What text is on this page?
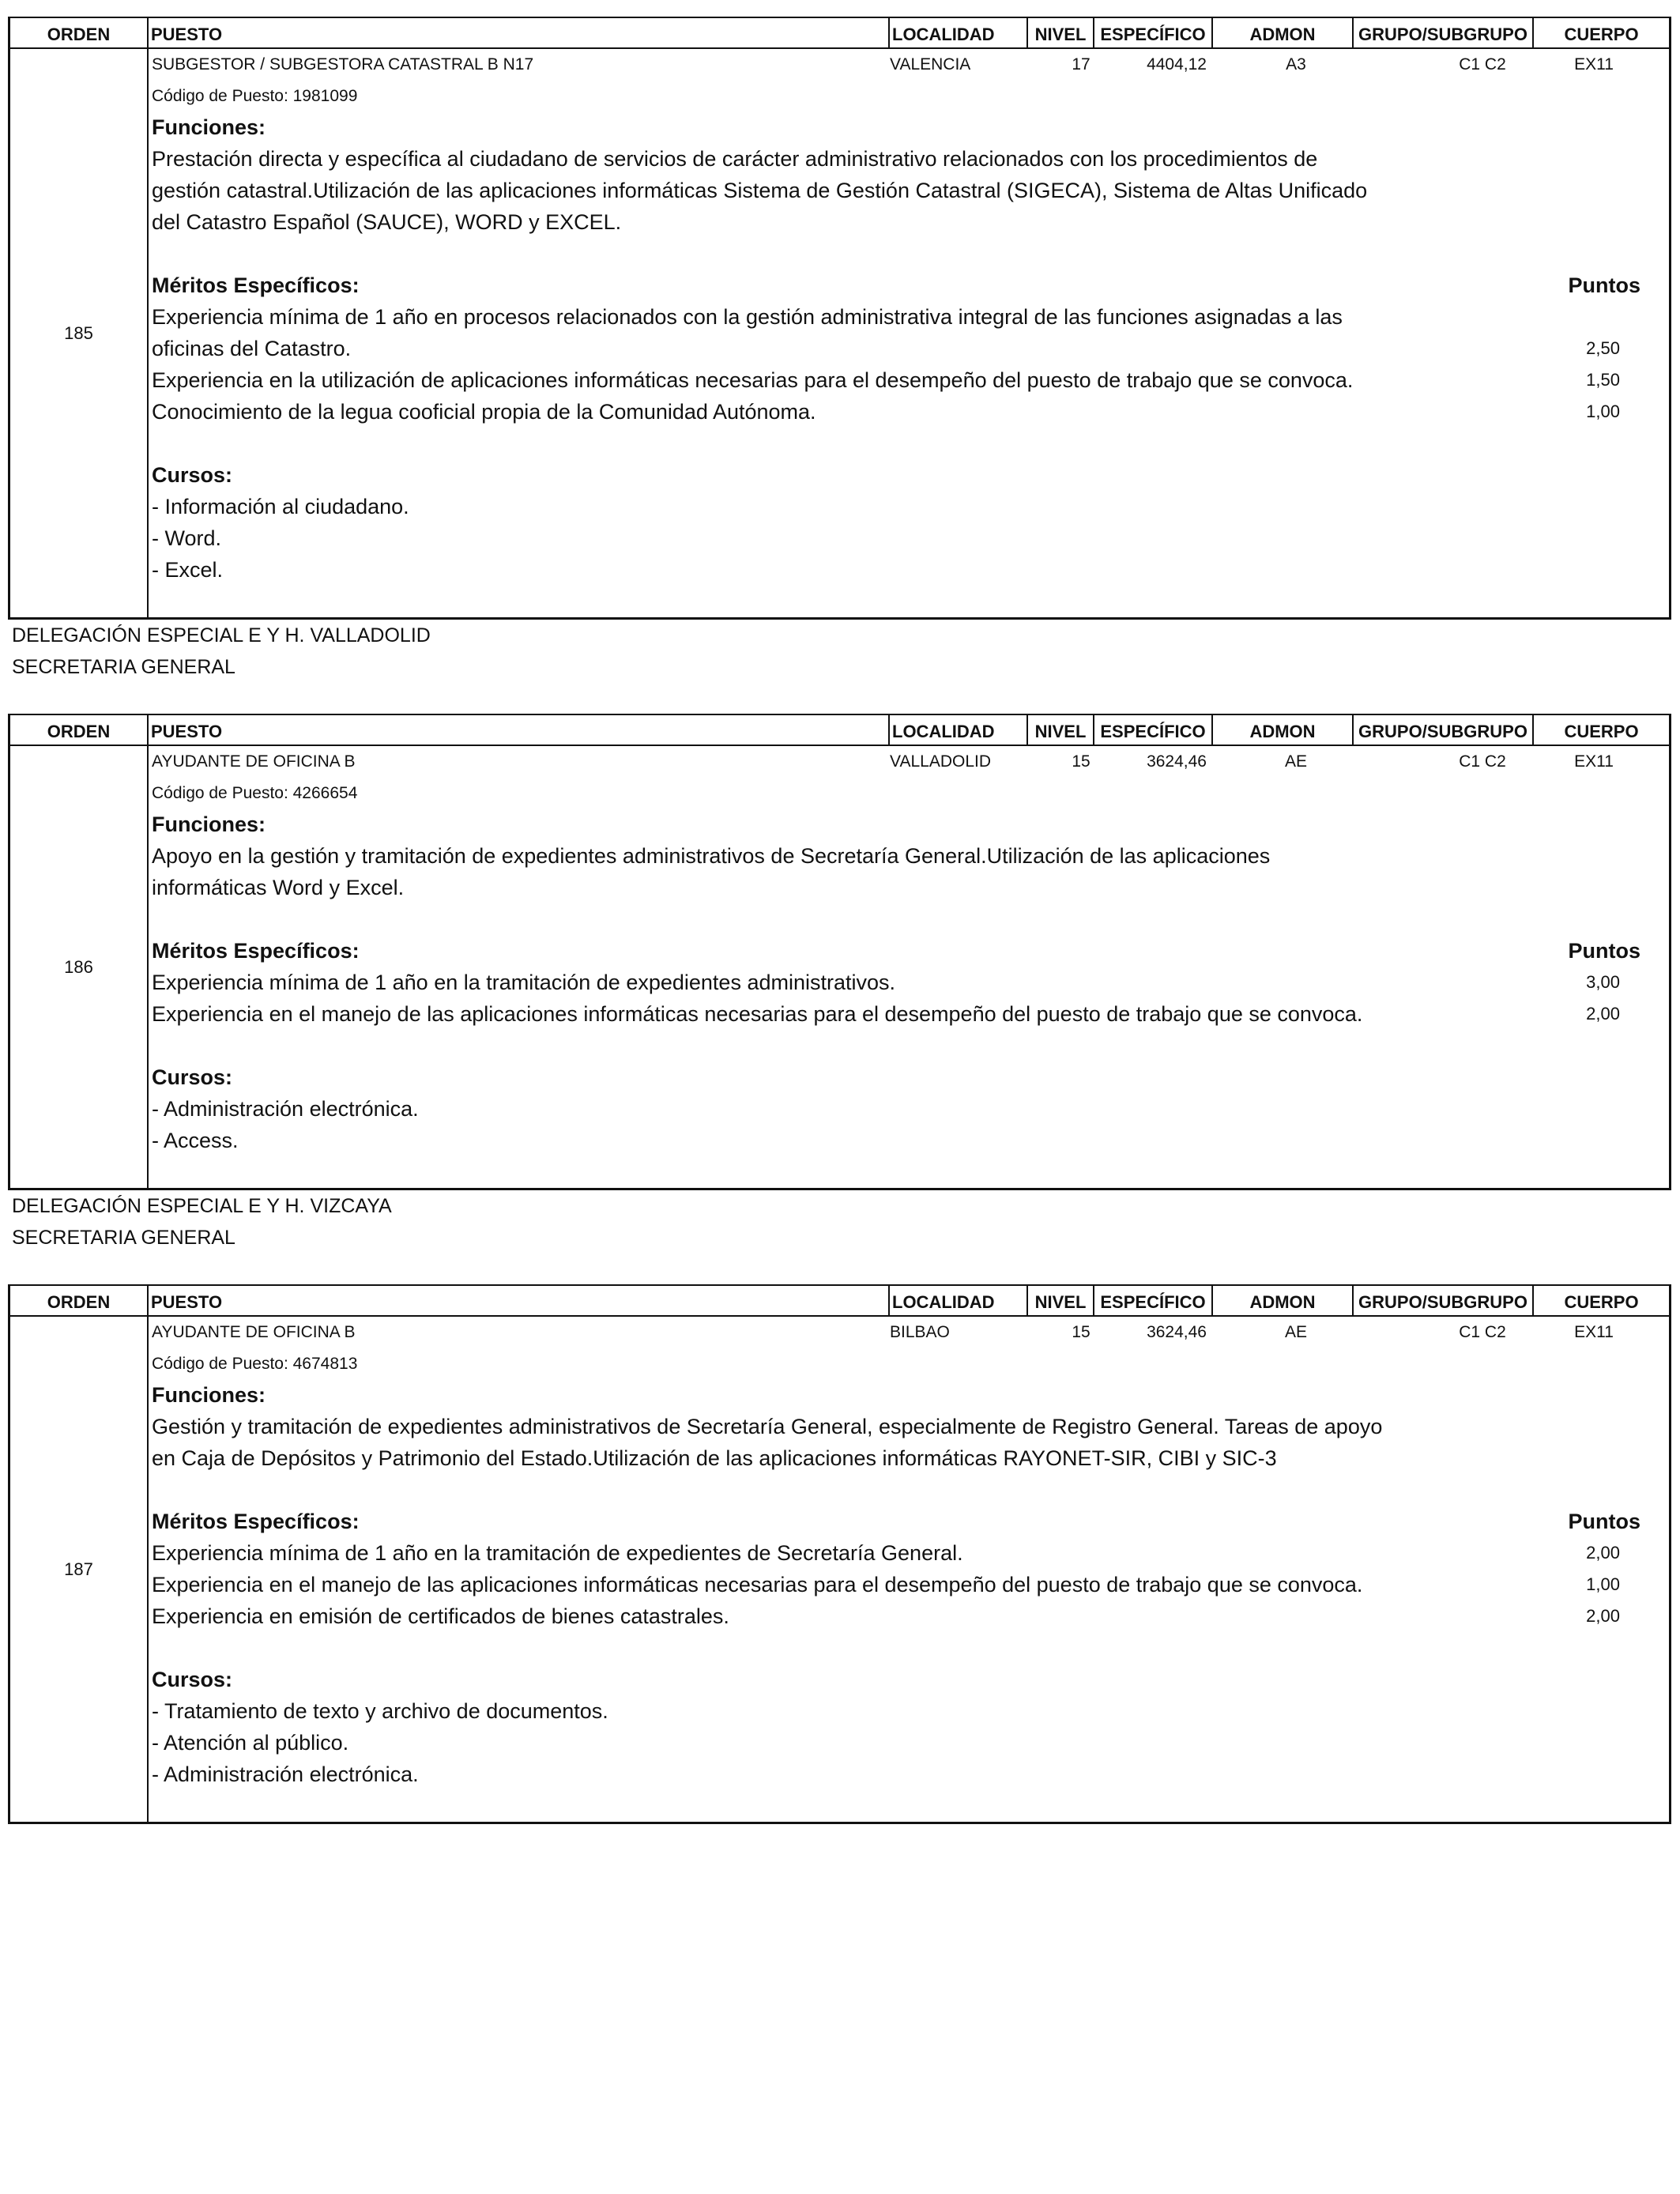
ORDEN	PUESTO	LOCALIDAD	NIVEL ESPECÍFICO	ADMON	GRUPO/SUBGRUPO	CUERPO
185
SUBGESTOR / SUBGESTORA CATASTRAL B N17	VALENCIA	17	4404,12	A3	C1 C2	EX11
Código de Puesto: 1981099
Funciones:
Prestación directa y específica al ciudadano de servicios de carácter administrativo relacionados con los procedimientos de
gestión catastral.Utilización de las aplicaciones informáticas Sistema de Gestión Catastral (SIGECA), Sistema de Altas Unificado
del Catastro Español (SAUCE), WORD y EXCEL.
Méritos Específicos:	Puntos
Experiencia mínima de 1 año en procesos relacionados con la gestión administrativa integral de las funciones asignadas a las
oficinas del Catastro.	2,50
Experiencia en la utilización de aplicaciones informáticas necesarias para el desempeño del puesto de trabajo que se convoca.	1,50
Conocimiento de la legua cooficial propia de la Comunidad Autónoma.	1,00
Cursos:
- Información al ciudadano.
- Word.
- Excel.
DELEGACIÓN ESPECIAL E Y H. VALLADOLID
SECRETARIA GENERAL
ORDEN	PUESTO	LOCALIDAD	NIVEL ESPECÍFICO	ADMON	GRUPO/SUBGRUPO	CUERPO
186
AYUDANTE DE OFICINA B	VALLADOLID	15	3624,46	AE	C1 C2	EX11
Código de Puesto: 4266654
Funciones:
Apoyo en la gestión y tramitación de expedientes administrativos de Secretaría General.Utilización de las aplicaciones
informáticas Word y Excel.
Méritos Específicos:	Puntos
Experiencia mínima de 1 año en la tramitación de expedientes administrativos.	3,00
Experiencia en el manejo de las aplicaciones informáticas necesarias para el desempeño del puesto de trabajo que se convoca.	2,00
Cursos:
- Administración electrónica.
- Access.
DELEGACIÓN ESPECIAL E Y H. VIZCAYA
SECRETARIA GENERAL
ORDEN	PUESTO	LOCALIDAD	NIVEL ESPECÍFICO	ADMON	GRUPO/SUBGRUPO	CUERPO
187
AYUDANTE DE OFICINA B	BILBAO	15	3624,46	AE	C1 C2	EX11
Código de Puesto: 4674813
Funciones:
Gestión y tramitación de expedientes administrativos de Secretaría General, especialmente de Registro General. Tareas de apoyo
en Caja de Depósitos y Patrimonio del Estado.Utilización de las aplicaciones informáticas RAYONET-SIR, CIBI y SIC-3
Méritos Específicos:	Puntos
Experiencia mínima de 1 año en la tramitación de expedientes de Secretaría General.	2,00
Experiencia en el manejo de las aplicaciones informáticas necesarias para el desempeño del puesto de trabajo que se convoca.	1,00
Experiencia en emisión de certificados de bienes catastrales.	2,00
Cursos:
- Tratamiento de texto y archivo de documentos.
- Atención al público.
- Administración electrónica.
